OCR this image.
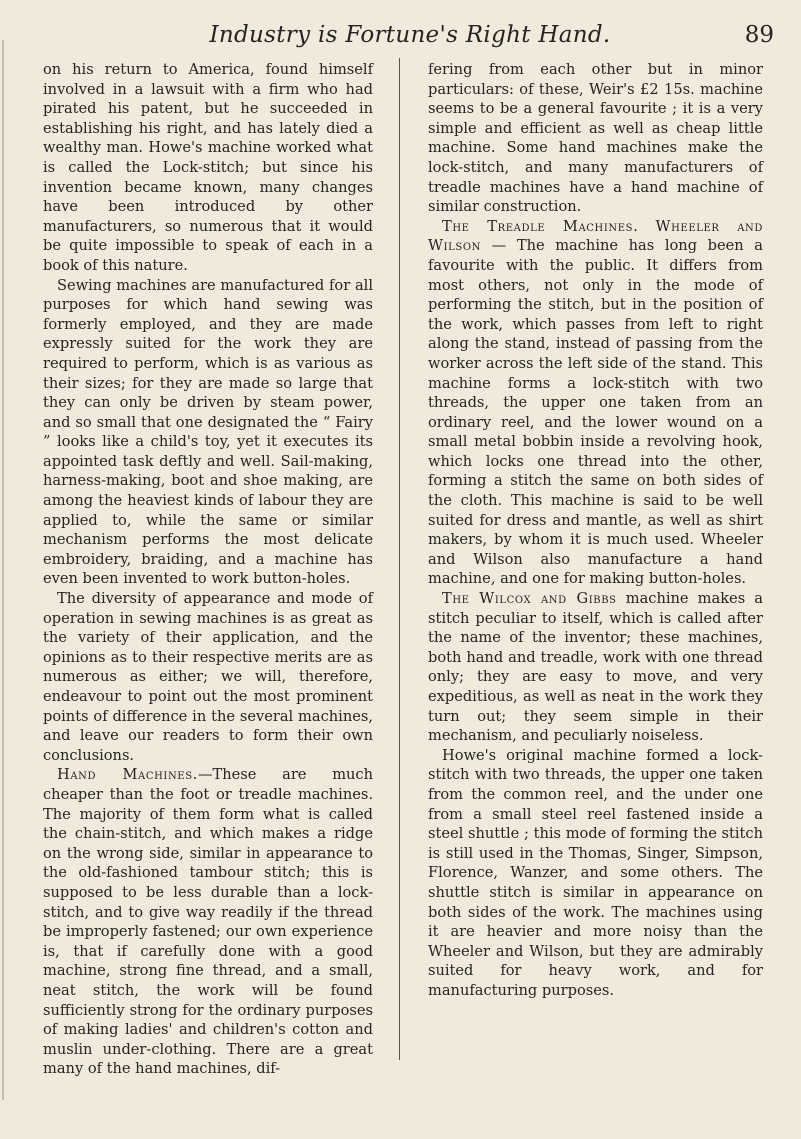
Industry is Fortune's Right Hand.	89

on his return to America, found himself involved in a lawsuit with a firm who had pirated his patent, but he succeeded in establishing his right, and has lately died a wealthy man. Howe's machine worked what is called the Lock-stitch; but since his invention became known, many changes have been introduced by other manufacturers, so numerous that it would be quite impossible to speak of each in a book of this nature.

Sewing machines are manufactured for all purposes for which hand sewing was formerly employed, and they are made expressly suited for the work they are required to perform, which is as various as their sizes; for they are made so large that they can only be driven by steam power, and so small that one designated the “ Fairy ” looks like a child's toy, yet it executes its appointed task deftly and well. Sail-making, harness-making, boot and shoe making, are among the heaviest kinds of labour they are applied to, while the same or similar mechanism performs the most delicate embroidery, braiding, and a machine has even been invented to work button-holes.

The diversity of appearance and mode of operation in sewing machines is as great as the variety of their application, and the opinions as to their respective merits are as numerous as either; we will, therefore, endeavour to point out the most prominent points of difference in the several machines, and leave our readers to form their own conclusions.

Hand Machines.—These are much cheaper than the foot or treadle machines. The majority of them form what is called the chain-stitch, and which makes a ridge on the wrong side, similar in appearance to the old-fashioned tambour stitch; this is supposed to be less durable than a lock-stitch, and to give way readily if the thread be improperly fastened; our own experience is, that if carefully done with a good machine, strong fine thread, and a small, neat stitch, the work will be found sufficiently strong for the ordinary purposes of making ladies' and children's cotton and muslin under-clothing. There are a great many of the hand machines, dif-

fering from each other but in minor particulars: of these, Weir's £2 15s. machine seems to be a general favourite ; it is a very simple and efficient as well as cheap little machine. Some hand machines make the lock-stitch, and many manufacturers of treadle machines have a hand machine of similar construction.

The Treadle Machines. Wheeler and Wilson — The machine has long been a favourite with the public. It differs from most others, not only in the mode of performing the stitch, but in the position of the work, which passes from left to right along the stand, instead of passing from the worker across the left side of the stand. This machine forms a lock-stitch with two threads, the upper one taken from an ordinary reel, and the lower wound on a small metal bobbin inside a revolving hook, which locks one thread into the other, forming a stitch the same on both sides of the cloth. This machine is said to be well suited for dress and mantle, as well as shirt makers, by whom it is much used. Wheeler and Wilson also manufacture a hand machine, and one for making button-holes.

The Wilcox and Gibbs machine makes a stitch peculiar to itself, which is called after the name of the inventor; these machines, both hand and treadle, work with one thread only; they are easy to move, and very expeditious, as well as neat in the work they turn out; they seem simple in their mechanism, and peculiarly noiseless.

Howe's original machine formed a lock-stitch with two threads, the upper one taken from the common reel, and the under one from a small steel reel fastened inside a steel shuttle ; this mode of forming the stitch is still used in the Thomas, Singer, Simpson, Florence, Wanzer, and some others. The shuttle stitch is similar in appearance on both sides of the work. The machines using it are heavier and more noisy than the Wheeler and Wilson, but they are admirably suited for heavy work, and for manufacturing purposes.
